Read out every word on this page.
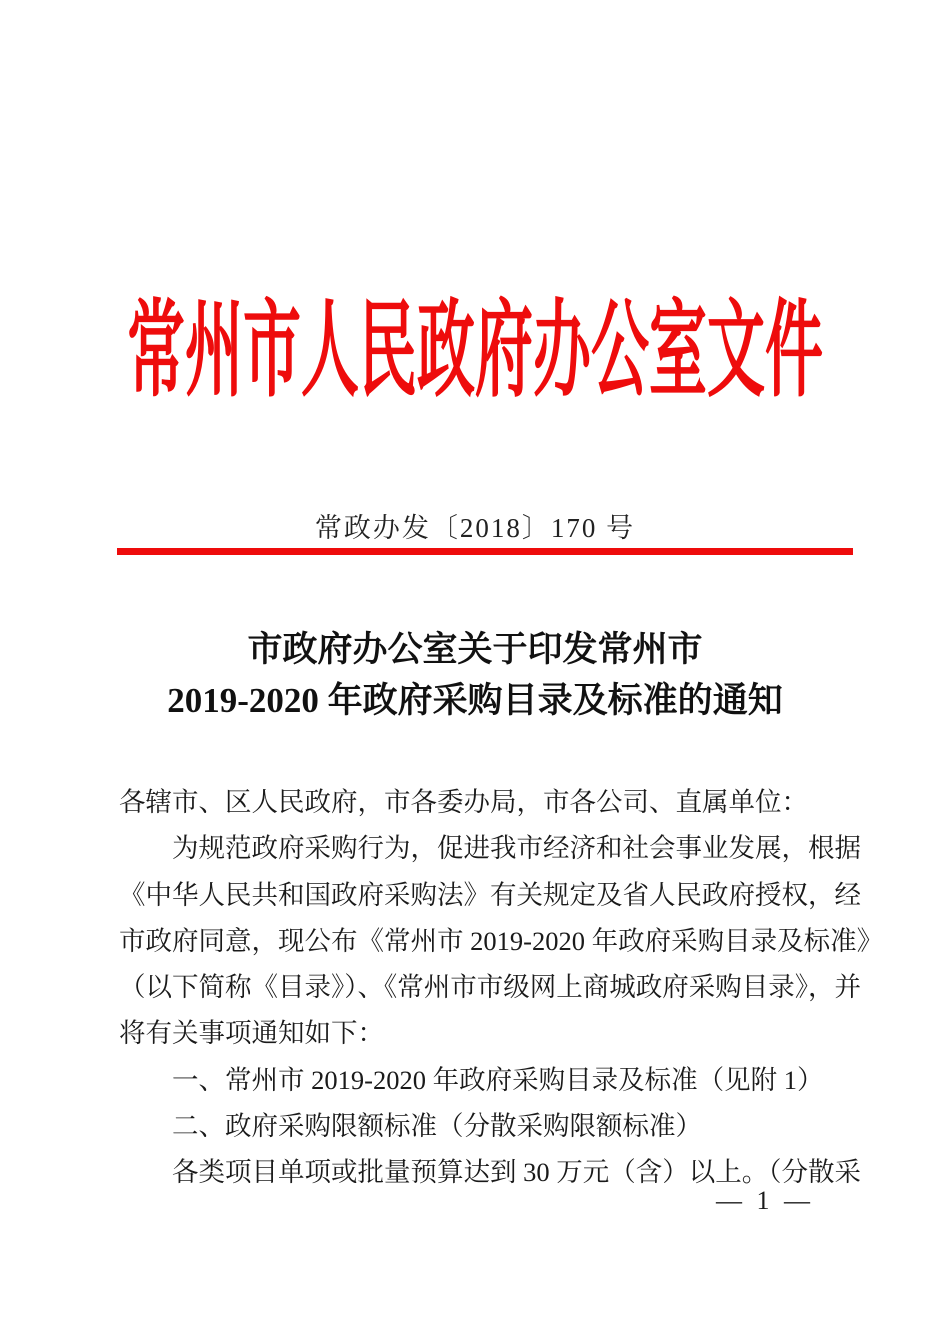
常州市人民政府办公室文件
常政办发〔2018〕170 号
市政府办公室关于印发常州市
2019-2020 年政府采购目录及标准的通知
各辖市、区人民政府，市各委办局，市各公司、直属单位：
为规范政府采购行为，促进我市经济和社会事业发展，根据
《中华人民共和国政府采购法》有关规定及省人民政府授权，经
市政府同意，现公布《常州市 2019-2020 年政府采购目录及标准》
（以下简称《目录》）、《常州市市级网上商城政府采购目录》，并
将有关事项通知如下：
一、常州市 2019-2020 年政府采购目录及标准（见附 1）
二、政府采购限额标准（分散采购限额标准）
各类项目单项或批量预算达到 30 万元（含）以上。（分散采
— 1 —
